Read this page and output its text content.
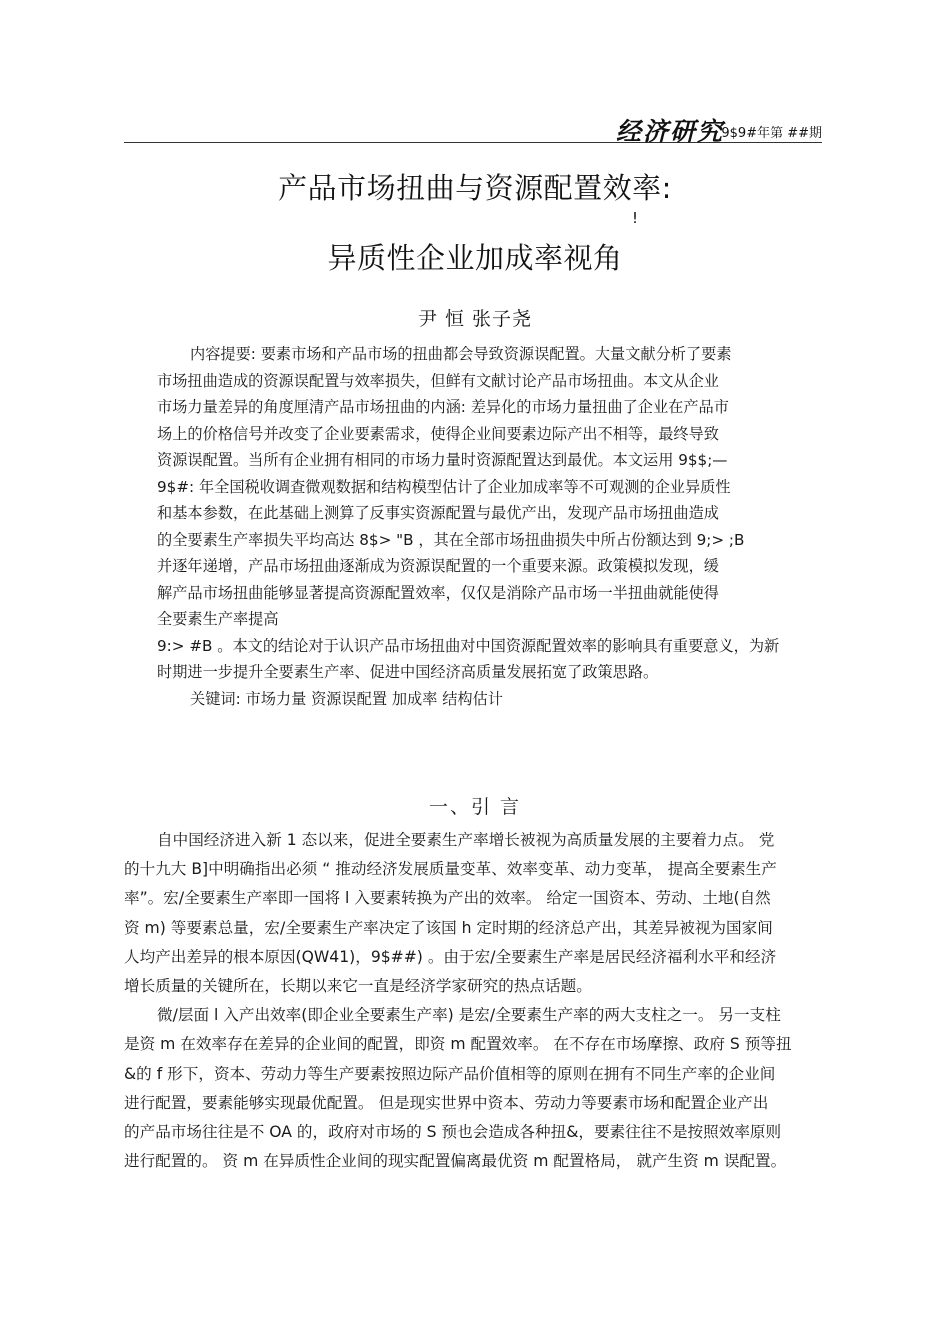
经济研究
9$9#年第 ##期
产品市场扭曲与资源配置效率:
!
异质性企业加成率视角
尹 恒 张子尧
内容提要: 要素市场和产品市场的扭曲都会导致资源误配置。大量文献分析了要素
市场扭曲造成的资源误配置与效率损失，但鲜有文献讨论产品市场扭曲。本文从企业
市场力量差异的角度厘清产品市场扭曲的内涵: 差异化的市场力量扭曲了企业在产品市
场上的价格信号并改变了企业要素需求，使得企业间要素边际产出不相等，最终导致
资源误配置。当所有企业拥有相同的市场力量时资源配置达到最优。本文运用 9$$;—
9$#: 年全国税收调查微观数据和结构模型估计了企业加成率等不可观测的企业异质性
和基本参数，在此基础上测算了反事实资源配置与最优产出，发现产品市场扭曲造成
的全要素生产率损失平均高达 8$> "B ，其在全部市场扭曲损失中所占份额达到 9;> ;B
并逐年递增，产品市场扭曲逐渐成为资源误配置的一个重要来源。政策模拟发现，缓
解产品市场扭曲能够显著提高资源配置效率，仅仅是消除产品市场一半扭曲就能使得
全要素生产率提高
9:> #B 。本文的结论对于认识产品市场扭曲对中国资源配置效率的影响具有重要意义，为新
时期进一步提升全要素生产率、促进中国经济高质量发展拓宽了政策思路。
关键词: 市场力量 资源误配置 加成率 结构估计
一、引 言
自中国经济进入新 1 态以来，促进全要素生产率增长被视为高质量发展的主要着力点。 党
的十九大 B]中明确指出必须 “ 推动经济发展质量变革、效率变革、动力变革， 提高全要素生产
率”。宏/全要素生产率即一国将 l 入要素转换为产出的效率。 给定一国资本、劳动、土地(自然
资 m) 等要素总量，宏/全要素生产率决定了该国 h 定时期的经济总产出，其差异被视为国家间
人均产出差异的根本原因(QW41)，9$##) 。由于宏/全要素生产率是居民经济福利水平和经济
增长质量的关键所在，长期以来它一直是经济学家研究的热点话题。
微/层面 l 入产出效率(即企业全要素生产率) 是宏/全要素生产率的两大支柱之一。 另一支柱
是资 m 在效率存在差异的企业间的配置，即资 m 配置效率。 在不存在市场摩擦、政府 S 预等扭
&的 f 形下，资本、劳动力等生产要素按照边际产品价值相等的原则在拥有不同生产率的企业间
进行配置，要素能够实现最优配置。 但是现实世界中资本、劳动力等要素市场和配置企业产出
的产品市场往往是不 OA 的，政府对市场的 S 预也会造成各种扭&，要素往往不是按照效率原则
进行配置的。 资 m 在异质性企业间的现实配置偏离最优资 m 配置格局， 就产生资 m 误配置。
